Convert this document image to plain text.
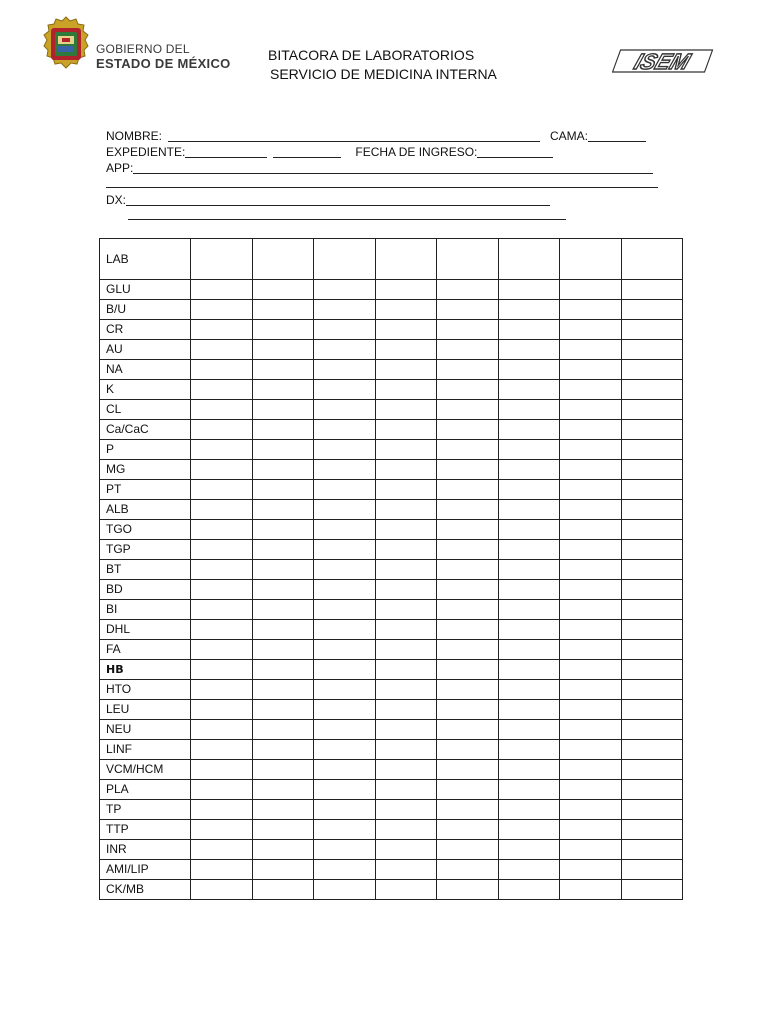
GOBIERNO DEL
ESTADO DE MÉXICO
BITACORA DE LABORATORIOS
SERVICIO DE MEDICINA INTERNA
ISEM
NOMBRE:	CAMA:
EXPEDIENTE:	FECHA DE INGRESO:
APP:
DX:
LAB								
GLU								
B/U								
CR								
AU								
NA								
K								
CL								
Ca/CaC								
P								
MG								
PT								
ALB								
TGO								
TGP								
BT								
BD								
BI								
DHL								
FA								
HB								
HTO								
LEU								
NEU								
LINF								
VCM/HCM								
PLA								
TP								
TTP								
INR								
AMI/LIP								
CK/MB								
